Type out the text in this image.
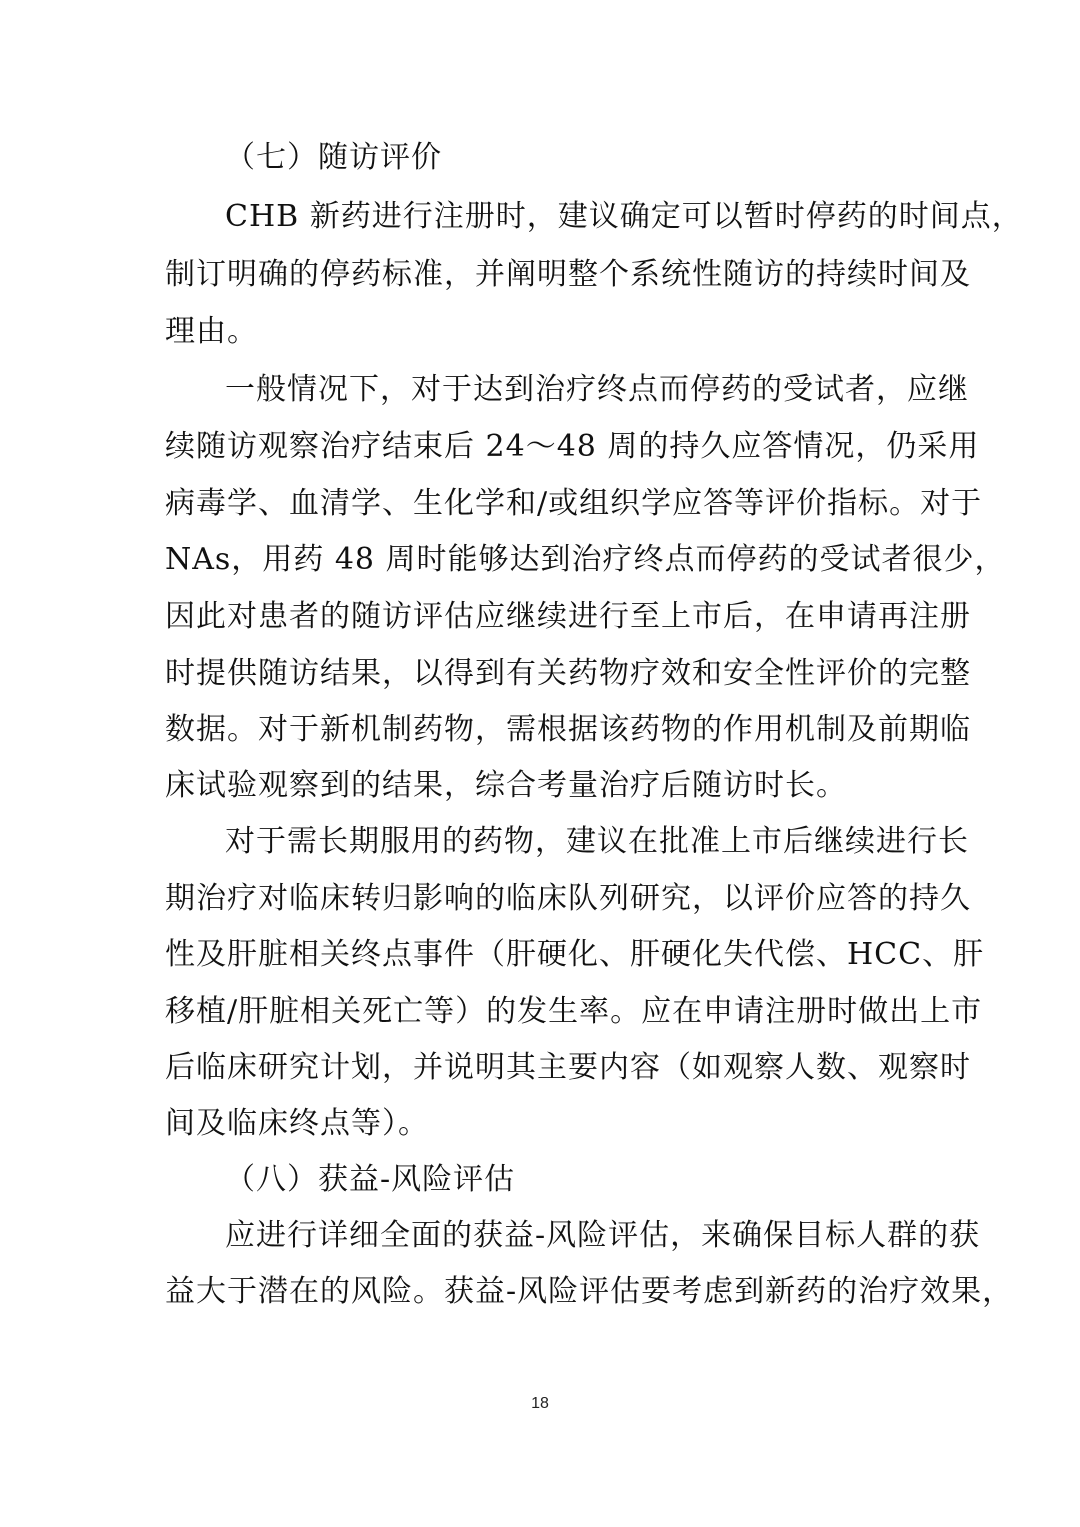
（七）随访评价
CHB 新药进行注册时，建议确定可以暂时停药的时间点，
制订明确的停药标准，并阐明整个系统性随访的持续时间及
理由。
一般情况下，对于达到治疗终点而停药的受试者，应继
续随访观察治疗结束后 24～48 周的持久应答情况，仍采用
病毒学、血清学、生化学和/或组织学应答等评价指标。对于
NAs，用药 48 周时能够达到治疗终点而停药的受试者很少，
因此对患者的随访评估应继续进行至上市后，在申请再注册
时提供随访结果，以得到有关药物疗效和安全性评价的完整
数据。对于新机制药物，需根据该药物的作用机制及前期临
床试验观察到的结果，综合考量治疗后随访时长。
对于需长期服用的药物，建议在批准上市后继续进行长
期治疗对临床转归影响的临床队列研究，以评价应答的持久
性及肝脏相关终点事件（肝硬化、肝硬化失代偿、HCC、肝
移植/肝脏相关死亡等）的发生率。应在申请注册时做出上市
后临床研究计划，并说明其主要内容（如观察人数、观察时
间及临床终点等）。
（八）获益-风险评估
应进行详细全面的获益-风险评估，来确保目标人群的获
益大于潜在的风险。获益-风险评估要考虑到新药的治疗效果，
18
